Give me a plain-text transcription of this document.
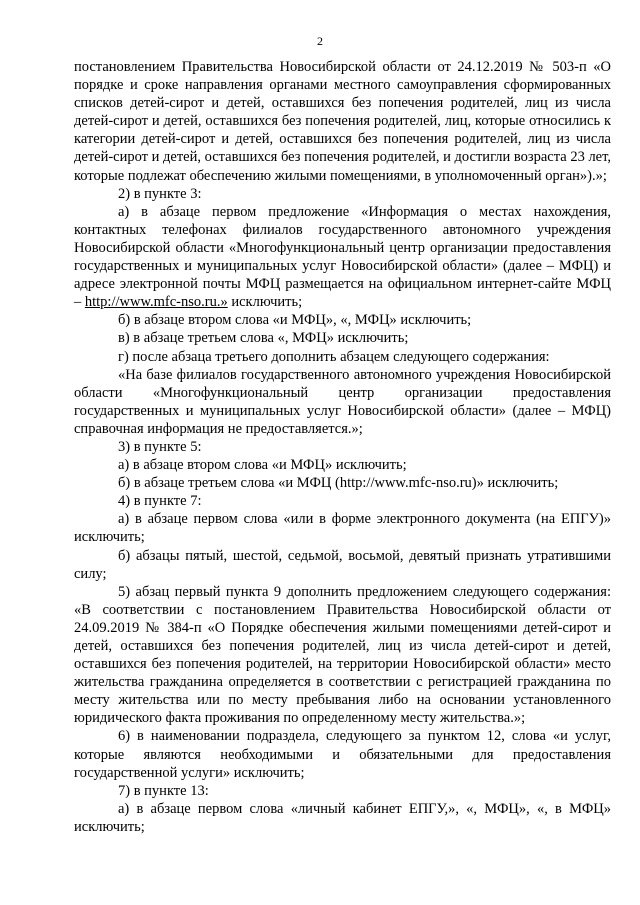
2

постановлением Правительства Новосибирской области от 24.12.2019 № 503-п «О порядке и сроке направления органами местного самоуправления сформированных списков детей-сирот и детей, оставшихся без попечения родителей, лиц из числа детей-сирот и детей, оставшихся без попечения родителей, лиц, которые относились к категории детей-сирот и детей, оставшихся без попечения родителей, лиц из числа детей-сирот и детей, оставшихся без попечения родителей, и достигли возраста 23 лет, которые подлежат обеспечению жилыми помещениями, в уполномоченный орган»).»;

2) в пункте 3:

а) в абзаце первом предложение «Информация о местах нахождения, контактных телефонах филиалов государственного автономного учреждения Новосибирской области «Многофункциональный центр организации предоставления государственных и муниципальных услуг Новосибирской области» (далее – МФЦ) и адресе электронной почты МФЦ размещается на официальном интернет-сайте МФЦ – http://www.mfc-nso.ru.» исключить;

б) в абзаце втором слова «и МФЦ», «, МФЦ» исключить;

в) в абзаце третьем слова «, МФЦ» исключить;

г) после абзаца третьего дополнить абзацем следующего содержания:

«На базе филиалов государственного автономного учреждения Новосибирской области «Многофункциональный центр организации предоставления государственных и муниципальных услуг Новосибирской области» (далее – МФЦ) справочная информация не предоставляется.»;

3) в пункте 5:

а) в абзаце втором слова «и МФЦ» исключить;

б) в абзаце третьем слова «и МФЦ (http://www.mfc-nso.ru)» исключить;

4) в пункте 7:

а) в абзаце первом слова «или в форме электронного документа (на ЕПГУ)» исключить;

б) абзацы пятый, шестой, седьмой, восьмой, девятый признать утратившими силу;

5) абзац первый пункта 9 дополнить предложением следующего содержания: «В соответствии с постановлением Правительства Новосибирской области от 24.09.2019 № 384-п «О Порядке обеспечения жилыми помещениями детей-сирот и детей, оставшихся без попечения родителей, лиц из числа детей-сирот и детей, оставшихся без попечения родителей, на территории Новосибирской области» место жительства гражданина определяется в соответствии с регистрацией гражданина по месту жительства или по месту пребывания либо на основании установленного юридического факта проживания по определенному месту жительства.»;

6) в наименовании подраздела, следующего за пунктом 12, слова «и услуг, которые являются необходимыми и обязательными для предоставления государственной услуги» исключить;

7) в пункте 13:

а) в абзаце первом слова «личный кабинет ЕПГУ,», «, МФЦ», «, в МФЦ» исключить;
